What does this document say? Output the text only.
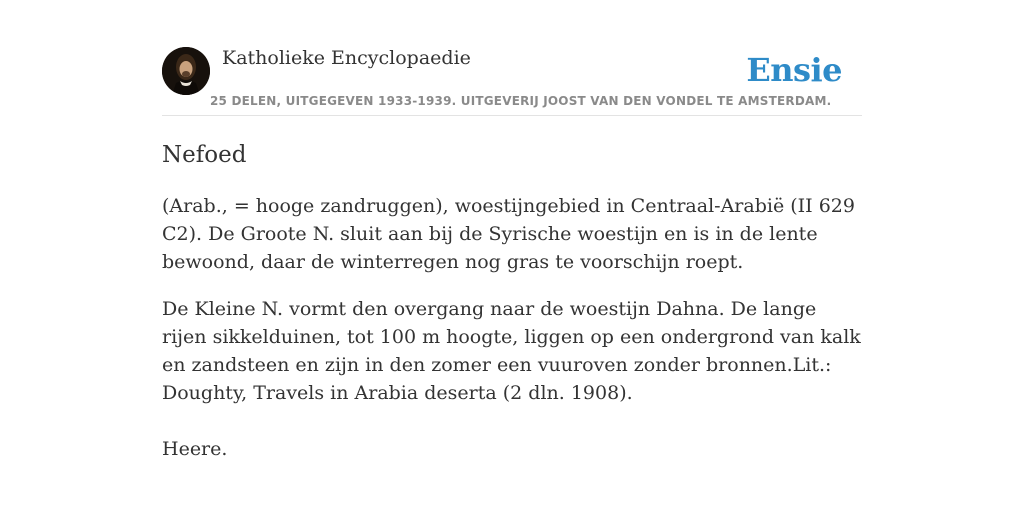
Katholieke Encyclopaedie	Ensie
25 DELEN, UITGEGEVEN 1933-1939. UITGEVERIJ JOOST VAN DEN VONDEL TE AMSTERDAM.
Nefoed

(Arab., = hooge zandruggen), woestijngebied in Centraal-Arabië (II 629 C2). De Groote N. sluit aan bij de Syrische woestijn en is in de lente bewoond, daar de winterregen nog gras te voorschijn roept.

De Kleine N. vormt den overgang naar de woestijn Dahna. De lange rijen sikkelduinen, tot 100 m hoogte, liggen op een ondergrond van kalk en zandsteen en zijn in den zomer een vuuroven zonder bronnen.Lit.: Doughty, Travels in Arabia deserta (2 dln. 1908).

Heere.
